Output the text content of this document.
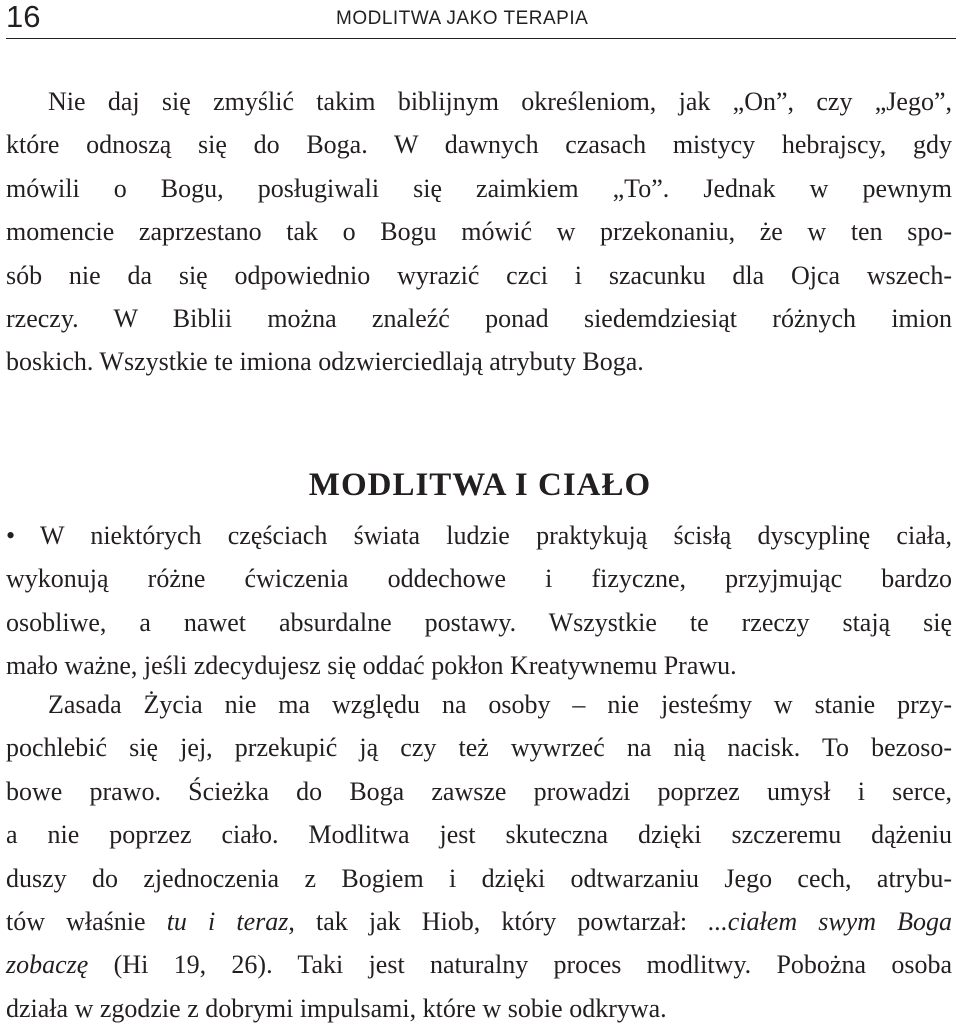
16	MODLITWA JAKO TERAPIA

Nie daj się zmyślić takim biblijnym określeniom, jak „On”, czy „Jego”,
które odnoszą się do Boga. W dawnych czasach mistycy hebrajscy, gdy
mówili o Bogu, posługiwali się zaimkiem „To”. Jednak w pewnym
momencie zaprzestano tak o Bogu mówić w przekonaniu, że w ten spo-
sób nie da się odpowiednio wyrazić czci i szacunku dla Ojca wszech-
rzeczy. W Biblii można znaleźć ponad siedemdziesiąt różnych imion
boskich. Wszystkie te imiona odzwierciedlają atrybuty Boga.

MODLITWA I CIAŁO

• W niektórych częściach świata ludzie praktykują ścisłą dyscyplinę ciała,
wykonują różne ćwiczenia oddechowe i fizyczne, przyjmując bardzo
osobliwe, a nawet absurdalne postawy. Wszystkie te rzeczy stają się
mało ważne, jeśli zdecydujesz się oddać pokłon Kreatywnemu Prawu.

Zasada Życia nie ma względu na osoby – nie jesteśmy w stanie przy-
pochlebić się jej, przekupić ją czy też wywrzeć na nią nacisk. To bezoso-
bowe prawo. Ścieżka do Boga zawsze prowadzi poprzez umysł i serce,
a nie poprzez ciało. Modlitwa jest skuteczna dzięki szczeremu dążeniu
duszy do zjednoczenia z Bogiem i dzięki odtwarzaniu Jego cech, atrybu-
tów właśnie tu i teraz, tak jak Hiob, który powtarzał: ...ciałem swym Boga
zobaczę (Hi 19, 26). Taki jest naturalny proces modlitwy. Pobożna osoba
działa w zgodzie z dobrymi impulsami, które w sobie odkrywa.
